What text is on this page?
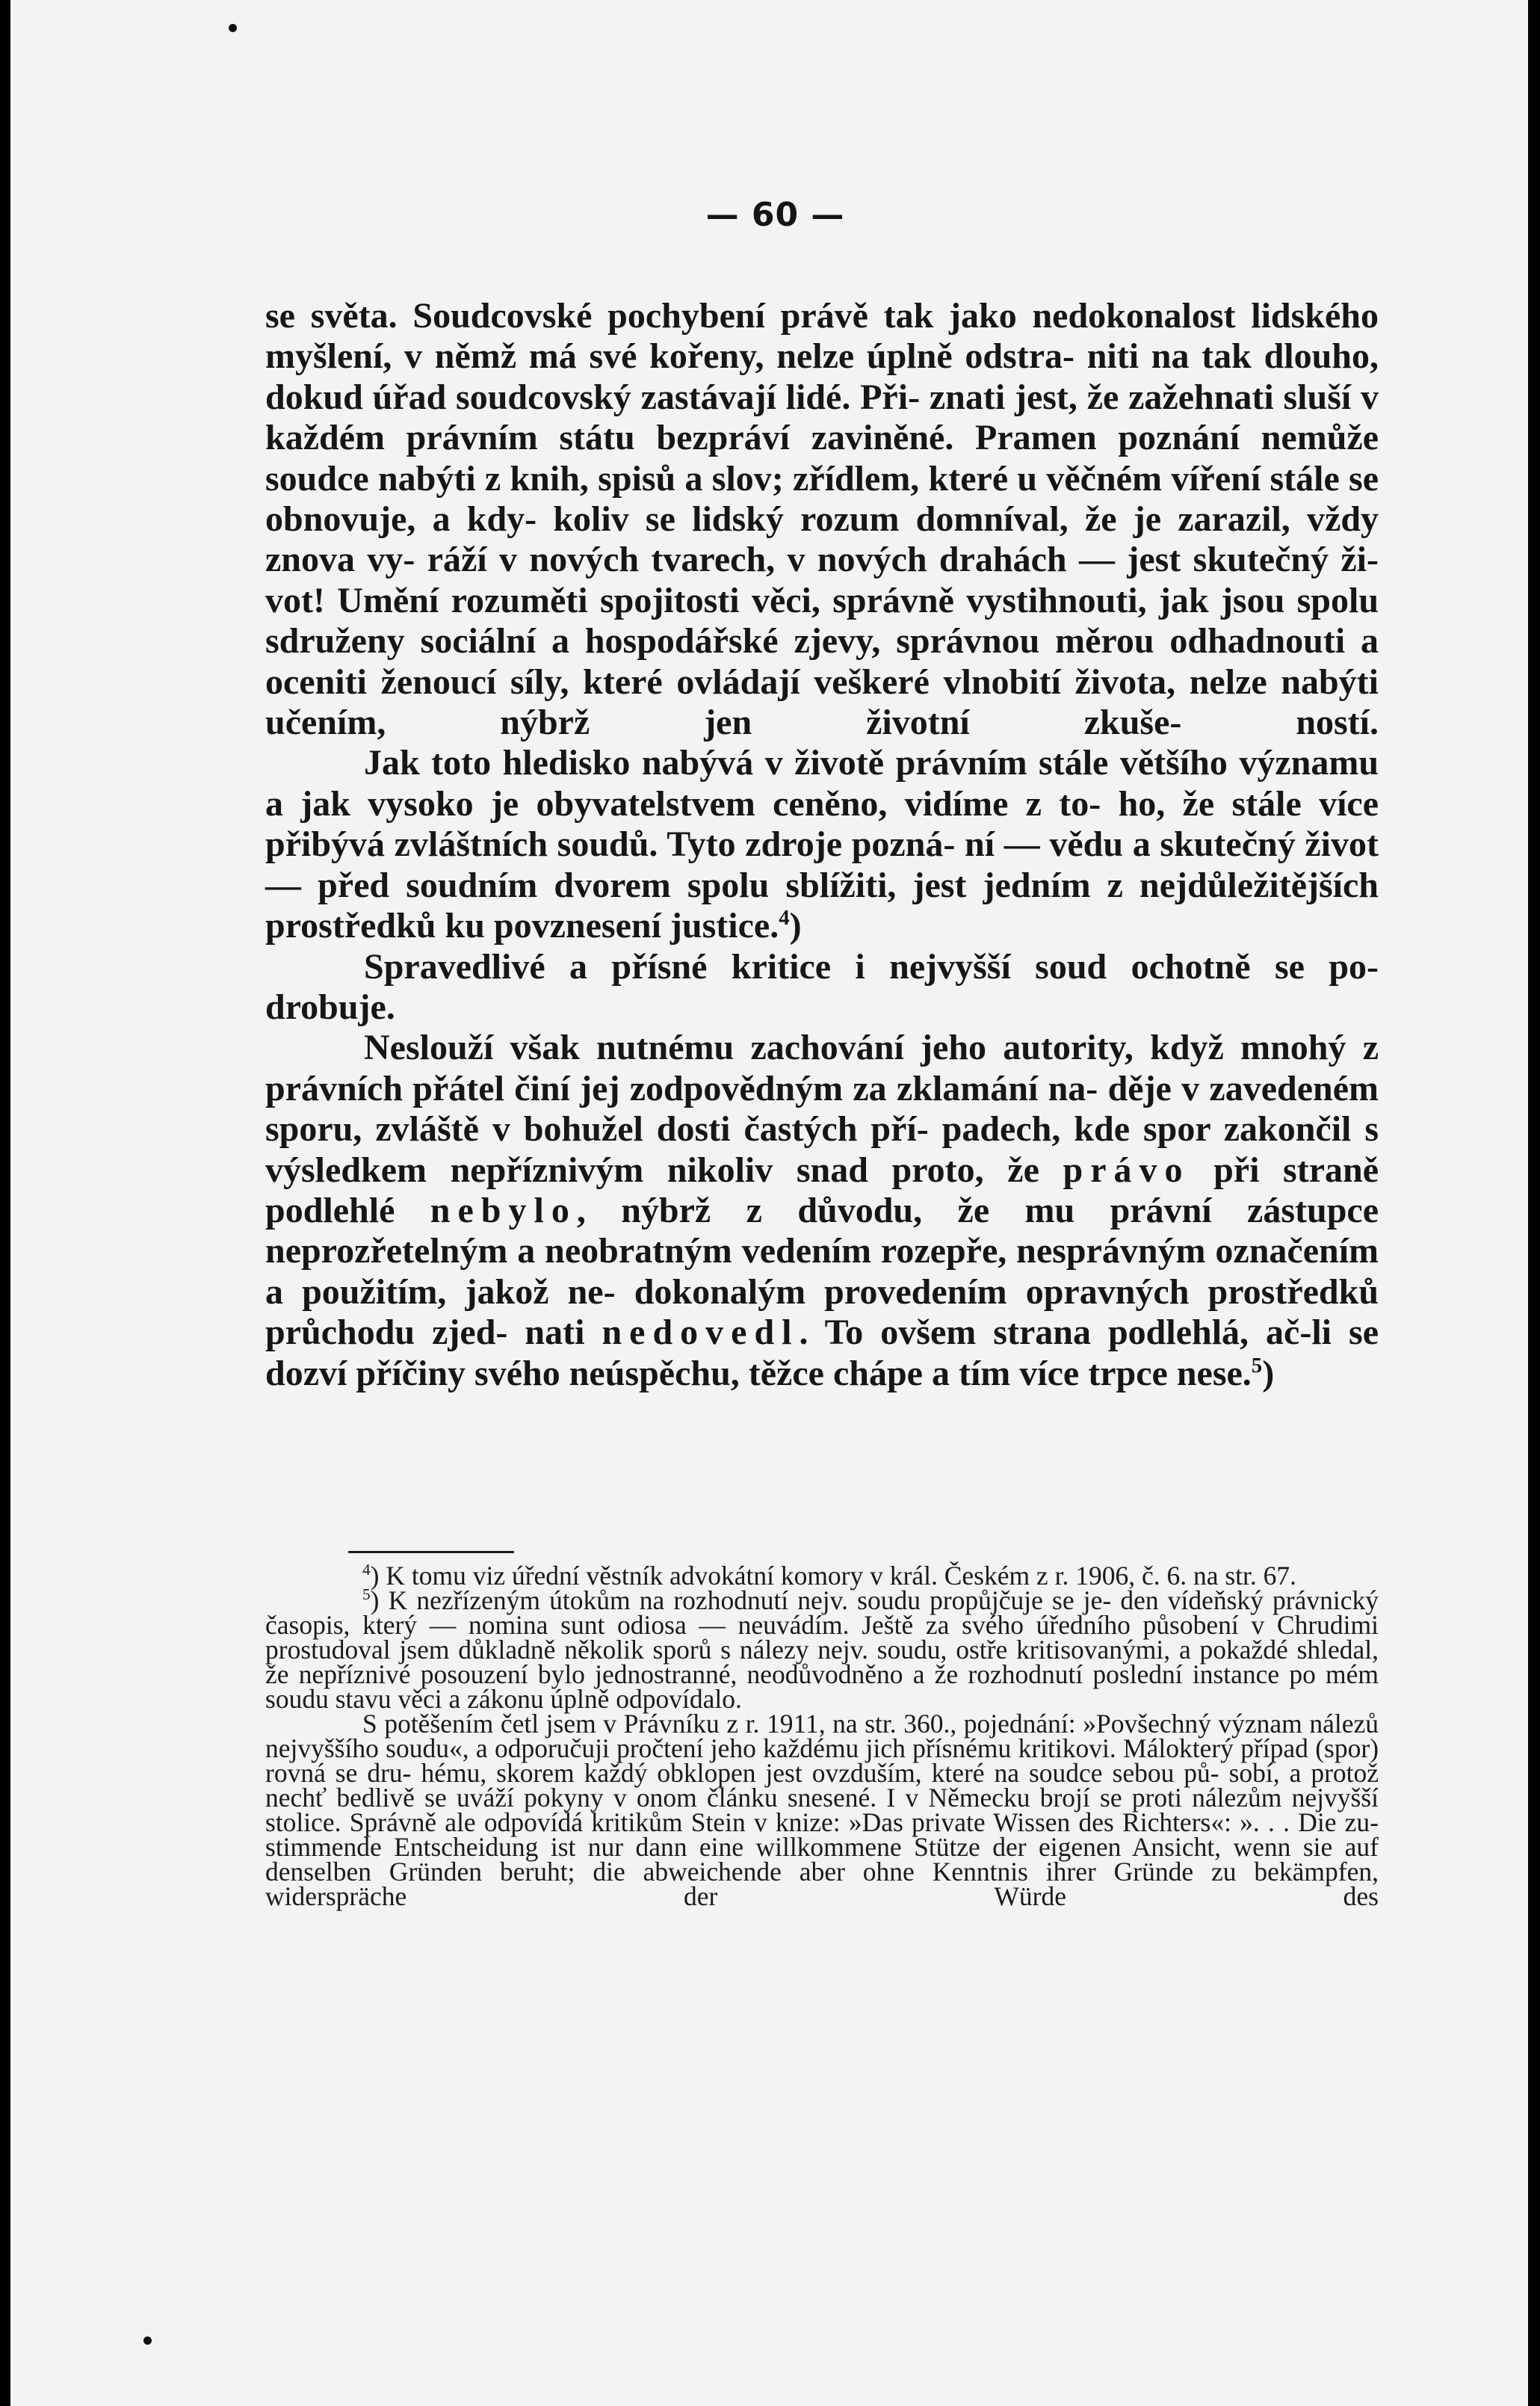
— 60 —

se světa. Soudcovské pochybení právě tak jako nedokonalost lidského myšlení, v němž má své kořeny, nelze úplně odstra- niti na tak dlouho, dokud úřad soudcovský zastávají lidé. Při- znati jest, že zažehnati sluší v každém právním státu bezpráví zaviněné. Pramen poznání nemůže soudce nabýti z knih, spisů a slov; zřídlem, které u věčném víření stále se obnovuje, a kdy- koliv se lidský rozum domníval, že je zarazil, vždy znova vy- ráží v nových tvarech, v nových drahách — jest skutečný ži- vot! Umění rozuměti spojitosti věci, správně vystihnouti, jak jsou spolu sdruženy sociální a hospodářské zjevy, správnou měrou odhadnouti a oceniti ženoucí síly, které ovládají veškeré vlnobití života, nelze nabýti učením, nýbrž jen životní zkuše-	ností.

Jak toto hledisko nabývá v životě právním stále většího významu a jak vysoko je obyvatelstvem ceněno, vidíme z to- ho, že stále více přibývá zvláštních soudů. Tyto zdroje pozná- ní — vědu a skutečný život — před soudním dvorem spolu sblížiti, jest jedním z nejdůležitějších prostředků ku povznesení justice.$^4$)

Spravedlivé a přísné kritice i nejvyšší soud ochotně se po- drobuje.

Neslouží však nutnému zachování jeho autority, když mnohý z právních přátel činí jej zodpovědným za zklamání na- děje v zavedeném sporu, zvláště v bohužel dosti častých pří- padech, kde spor zakončil s výsledkem nepříznivým nikoliv snad proto, že právo při straně podlehlé nebylo, nýbrž z důvodu, že mu právní zástupce neprozřetelným a neobratným vedením rozepře, nesprávným označením a použitím, jakož ne- dokonalým provedením opravných prostředků průchodu zjed- nati nedovedl. To ovšem strana podlehlá, ač-li se dozví příčiny svého neúspěchu, těžce chápe a tím více trpce nese.$^5$)

$^4$) K tomu viz úřední věstník advokátní komory v král. Českém z r. 1906, č. 6. na str. 67.

$^5$) K nezřízeným útokům na rozhodnutí nejv. soudu propůjčuje se je- den vídeňský právnický časopis, který — nomina sunt odiosa — neuvádím. Ještě za svého úředního působení v Chrudimi prostudoval jsem důkladně několik sporů s nálezy nejv. soudu, ostře kritisovanými, a pokaždé shledal, že nepříznivé posouzení bylo jednostranné, neodůvodněno a že rozhodnutí poslední instance po mém soudu stavu věci a zákonu úplně odpovídalo.

S potěšením četl jsem v Právníku z r. 1911, na str. 360., pojednání: »Povšechný význam nálezů nejvyššího soudu«, a odporučuji pročtení jeho každému jich přísnému kritikovi. Málokterý případ (spor) rovná se dru- hému, skorem každý obklopen jest ovzduším, které na soudce sebou pů- sobí, a protož nechť bedlivě se uváží pokyny v onom článku snesené. I v Německu brojí se proti nálezům nejvyšší stolice. Správně ale odpovídá kritikům Stein v knize: »Das private Wissen des Richters«: ». . . Die zu- stimmende Entscheidung ist nur dann eine willkommene Stütze der eigenen Ansicht, wenn sie auf denselben Gründen beruht; die abweichende aber ohne Kenntnis ihrer Gründe zu bekämpfen, widerspräche der Würde des
